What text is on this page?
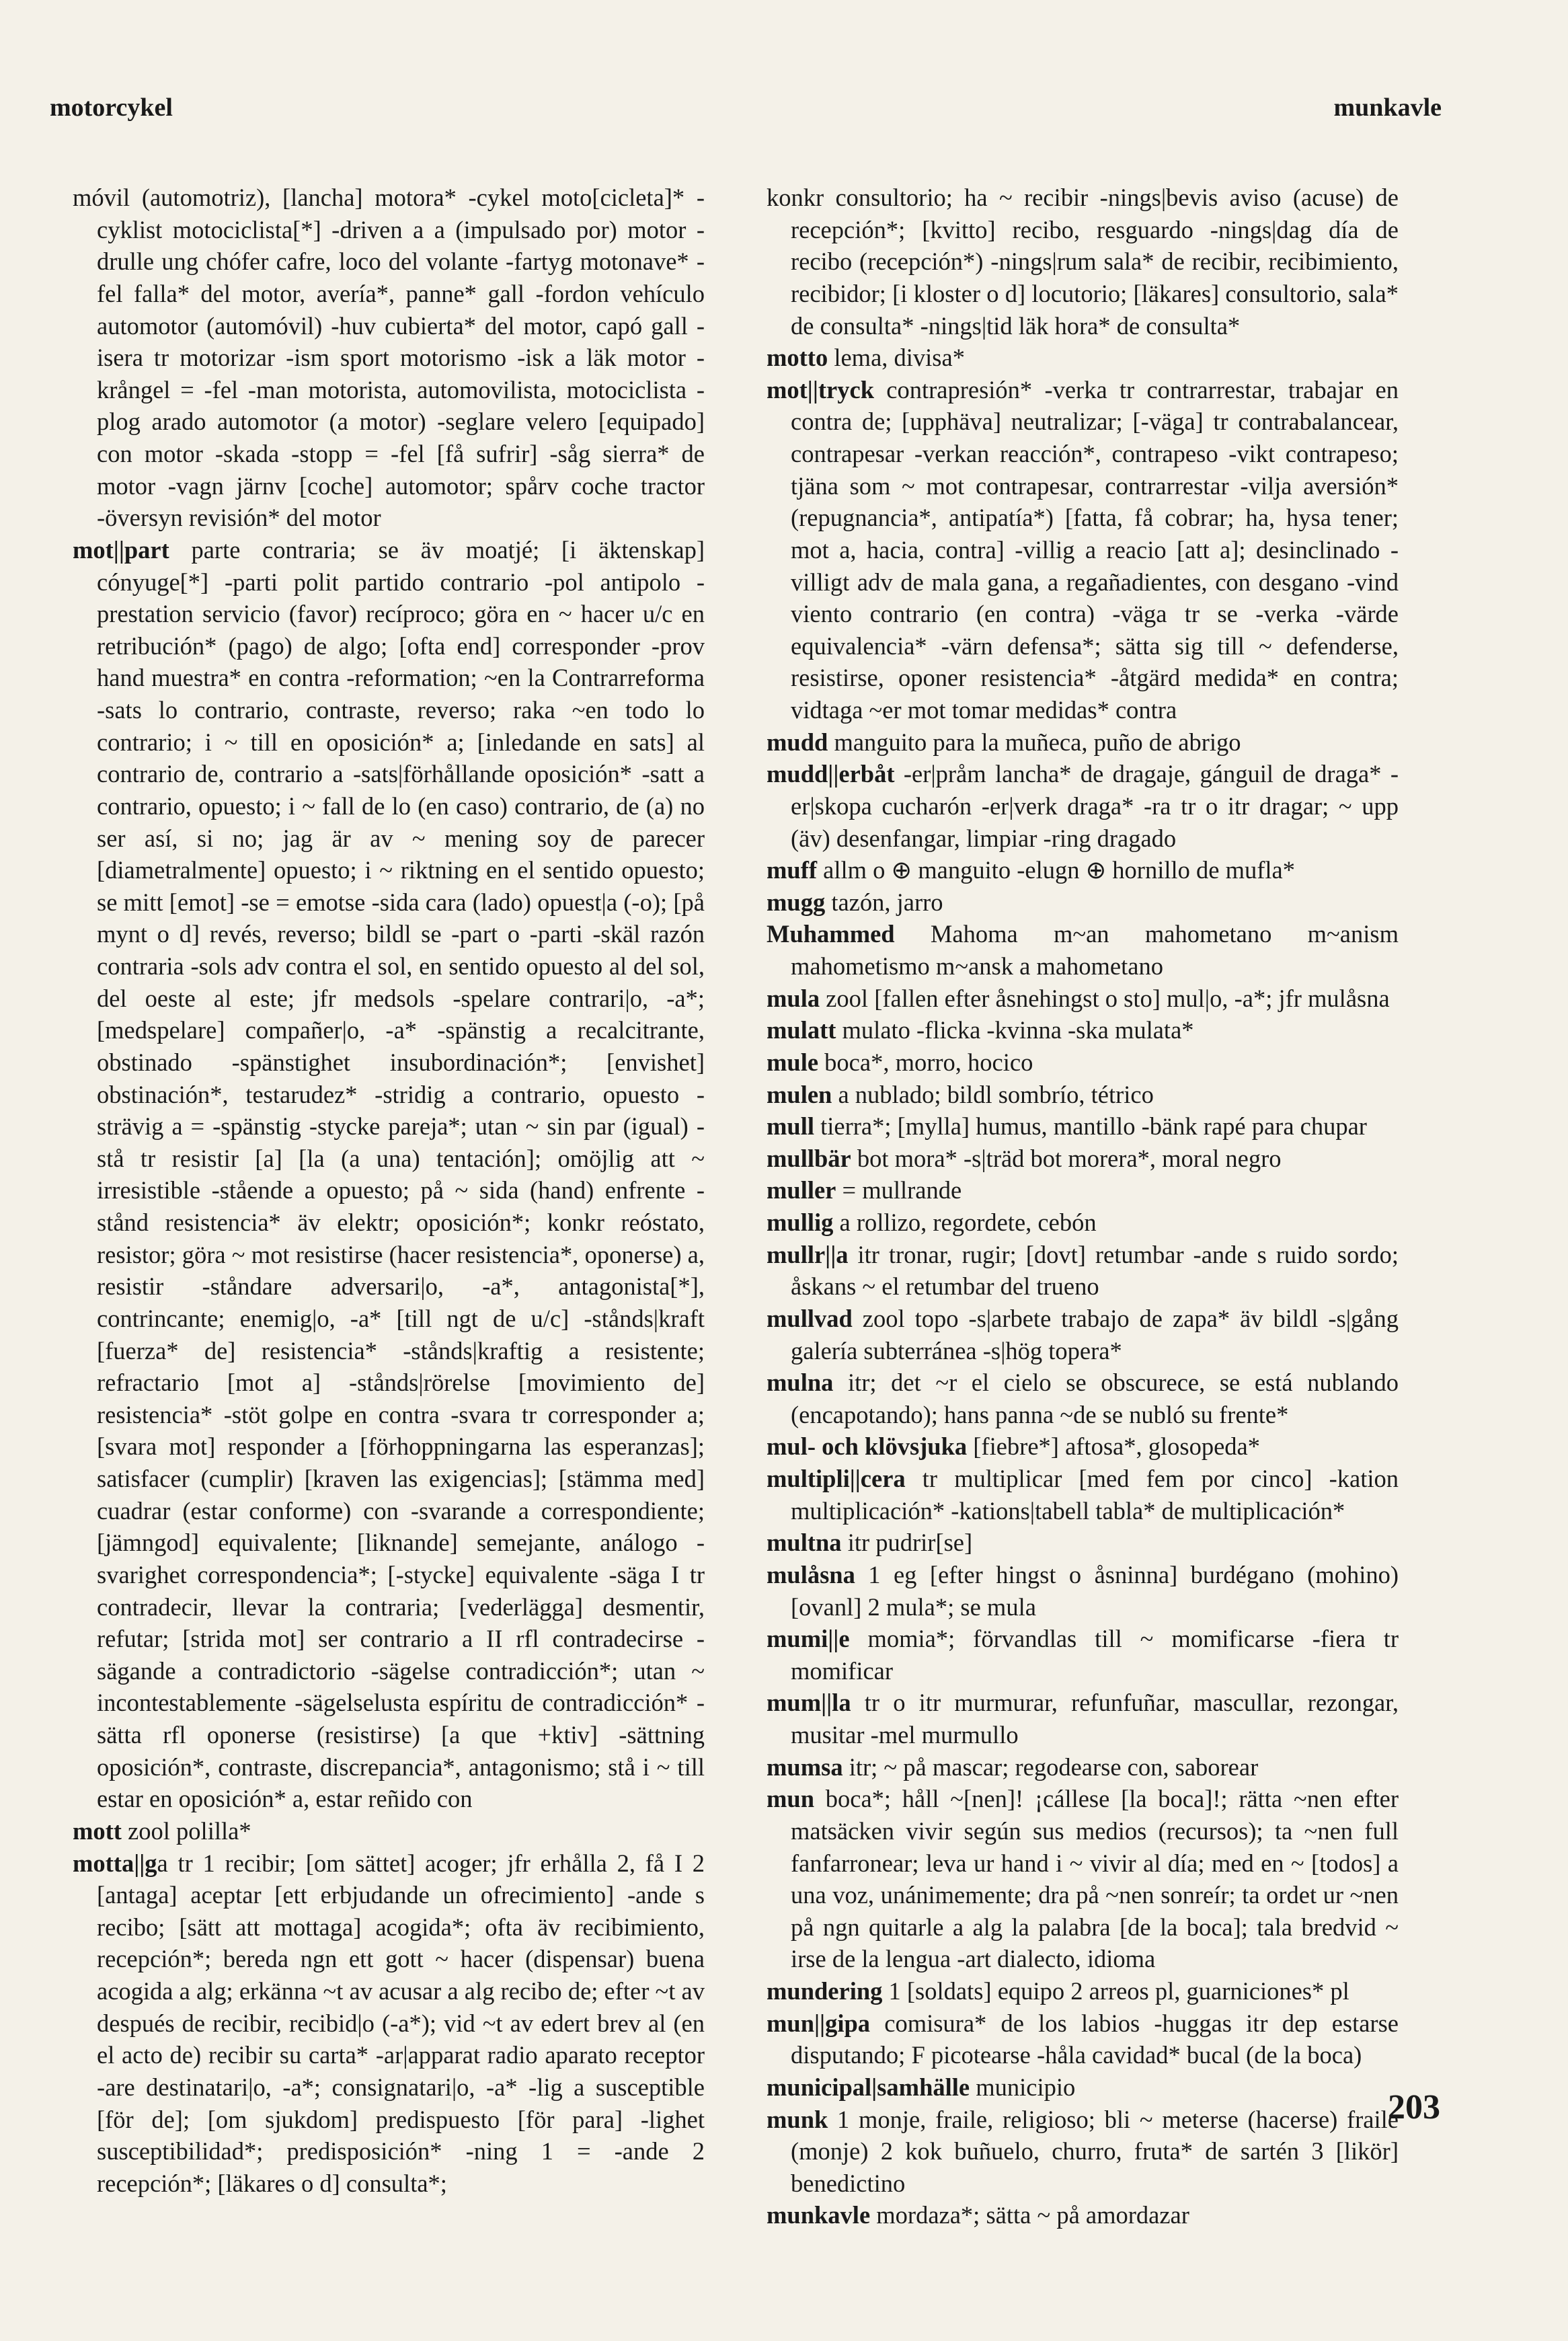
motorcykel	munkavle

móvil (automotriz), [lancha] motora* -cykel moto[cicleta]* -cyklist motociclista[*] -driven a a (impulsado por) motor -drulle ung chófer cafre, loco del volante -fartyg motonave* -fel falla* del motor, avería*, panne* gall -fordon vehículo automotor (automóvil) -huv cubierta* del motor, capó gall -isera tr motorizar -ism sport motorismo -isk a läk motor -krångel = -fel -man motorista, automovilista, motociclista -plog arado automotor (a motor) -seglare velero [equipado] con motor -skada -stopp = -fel [få sufrir] -såg sierra* de motor -vagn järnv [coche] automotor; spårv coche tractor -översyn revisión* del motor

mot||part parte contraria; se äv moatjé; [i äktenskap] cónyuge[*] -parti polit partido contrario -pol antipolo -prestation servicio (favor) recíproco; göra en ~ hacer u/c en retribución* (pago) de algo; [ofta end] corresponder -prov hand muestra* en contra -reformation; ~en la Contrarreforma -sats lo contrario, contraste, reverso; raka ~en todo lo contrario; i ~ till en oposición* a; [inledande en sats] al contrario de, contrario a -sats|förhållande oposición* -satt a contrario, opuesto; i ~ fall de lo (en caso) contrario, de (a) no ser así, si no; jag är av ~ mening soy de parecer [diametralmente] opuesto; i ~ riktning en el sentido opuesto; se mitt [emot] -se = emotse -sida cara (lado) opuest|a (-o); [på mynt o d] revés, reverso; bildl se -part o -parti -skäl razón contraria -sols adv contra el sol, en sentido opuesto al del sol, del oeste al este; jfr medsols -spelare contrari|o, -a*; [medspelare] compañer|o, -a* -spänstig a recalcitrante, obstinado -spänstighet insubordinación*; [envishet] obstinación*, testarudez* -stridig a contrario, opuesto -strävig a = -spänstig -stycke pareja*; utan ~ sin par (igual) -stå tr resistir [a] [la (a una) tentación]; omöjlig att ~ irresistible -stående a opuesto; på ~ sida (hand) enfrente -stånd resistencia* äv elektr; oposición*; konkr reóstato, resistor; göra ~ mot resistirse (hacer resistencia*, oponerse) a, resistir -ståndare adversari|o, -a*, antagonista[*], contrincante; enemig|o, -a* [till ngt de u/c] -stånds|kraft [fuerza* de] resistencia* -stånds|kraftig a resistente; refractario [mot a] -stånds|rörelse [movimiento de] resistencia* -stöt golpe en contra -svara tr corresponder a; [svara mot] responder a [förhoppningarna las esperanzas]; satisfacer (cumplir) [kraven las exigencias]; [stämma med] cuadrar (estar conforme) con -svarande a correspondiente; [jämngod] equivalente; [liknande] semejante, análogo -svarighet correspondencia*; [-stycke] equivalente -säga I tr contradecir, llevar la contraria; [vederlägga] desmentir, refutar; [strida mot] ser contrario a II rfl contradecirse -sägande a contradictorio -sägelse contradicción*; utan ~ incontestablemente -sägelselusta espíritu de contradicción* -sätta rfl oponerse (resistirse) [a que +ktiv] -sättning oposición*, contraste, discrepancia*, antagonismo; stå i ~ till estar en oposición* a, estar reñido con

mott zool polilla*

motta||ga tr 1 recibir; [om sättet] acoger; jfr erhålla 2, få I 2 [antaga] aceptar [ett erbjudande un ofrecimiento] -ande s recibo; [sätt att mottaga] acogida*; ofta äv recibimiento, recepción*; bereda ngn ett gott ~ hacer (dispensar) buena acogida a alg; erkänna ~t av acusar a alg recibo de; efter ~t av después de recibir, recibid|o (-a*); vid ~t av edert brev al (en el acto de) recibir su carta* -ar|apparat radio aparato receptor -are destinatari|o, -a*; consignatari|o, -a* -lig a susceptible [för de]; [om sjukdom] predispuesto [för para] -lighet susceptibilidad*; predisposición* -ning 1 = -ande 2 recepción*; [läkares o d] consulta*;

konkr consultorio; ha ~ recibir -nings|bevis aviso (acuse) de recepción*; [kvitto] recibo, resguardo -nings|dag día de recibo (recepción*) -nings|rum sala* de recibir, recibimiento, recibidor; [i kloster o d] locutorio; [läkares] consultorio, sala* de consulta* -nings|tid läk hora* de consulta*

motto lema, divisa*

mot||tryck contrapresión* -verka tr contrarrestar, trabajar en contra de; [upphäva] neutralizar; [-väga] tr contrabalancear, contrapesar -verkan reacción*, contrapeso -vikt contrapeso; tjäna som ~ mot contrapesar, contrarrestar -vilja aversión* (repugnancia*, antipatía*) [fatta, få cobrar; ha, hysa tener; mot a, hacia, contra] -villig a reacio [att a]; desinclinado -villigt adv de mala gana, a regañadientes, con desgano -vind viento contrario (en contra) -väga tr se -verka -värde equivalencia* -värn defensa*; sätta sig till ~ defenderse, resistirse, oponer resistencia* -åtgärd medida* en contra; vidtaga ~er mot tomar medidas* contra

mudd manguito para la muñeca, puño de abrigo

mudd||erbåt -er|pråm lancha* de dragaje, gánguil de draga* -er|skopa cucharón -er|verk draga* -ra tr o itr dragar; ~ upp (äv) desenfangar, limpiar -ring dragado

muff allm o ⊕ manguito -elugn ⊕ hornillo de mufla*

mugg tazón, jarro

Muhammed Mahoma m~an mahometano m~anism mahometismo m~ansk a mahometano

mula zool [fallen efter åsnehingst o sto] mul|o, -a*; jfr mulåsna

mulatt mulato -flicka -kvinna -ska mulata*

mule boca*, morro, hocico

mulen a nublado; bildl sombrío, tétrico

mull tierra*; [mylla] humus, mantillo -bänk rapé para chupar

mullbär bot mora* -s|träd bot morera*, moral negro

muller = mullrande

mullig a rollizo, regordete, cebón

mullr||a itr tronar, rugir; [dovt] retumbar -ande s ruido sordo; åskans ~ el retumbar del trueno

mullvad zool topo -s|arbete trabajo de zapa* äv bildl -s|gång galería subterránea -s|hög topera*

mulna itr; det ~r el cielo se obscurece, se está nublando (encapotando); hans panna ~de se nubló su frente*

mul- och klövsjuka [fiebre*] aftosa*, glosopeda*

multipli||cera tr multiplicar [med fem por cinco] -kation multiplicación* -kations|tabell tabla* de multiplicación*

multna itr pudrir[se]

mulåsna 1 eg [efter hingst o åsninna] burdégano (mohino) [ovanl] 2 mula*; se mula

mumi||e momia*; förvandlas till ~ momificarse -fiera tr momificar

mum||la tr o itr murmurar, refunfuñar, mascullar, rezongar, musitar -mel murmullo

mumsa itr; ~ på mascar; regodearse con, saborear

mun boca*; håll ~[nen]! ¡cállese [la boca]!; rätta ~nen efter matsäcken vivir según sus medios (recursos); ta ~nen full fanfarronear; leva ur hand i ~ vivir al día; med en ~ [todos] a una voz, unánimemente; dra på ~nen sonreír; ta ordet ur ~nen på ngn quitarle a alg la palabra [de la boca]; tala bredvid ~ irse de la lengua -art dialecto, idioma

mundering 1 [soldats] equipo 2 arreos pl, guarniciones* pl

mun||gipa comisura* de los labios -huggas itr dep estarse disputando; F picotearse -håla cavidad* bucal (de la boca)

municipal|samhälle municipio

munk 1 monje, fraile, religioso; bli ~ meterse (hacerse) fraile (monje) 2 kok buñuelo, churro, fruta* de sartén 3 [likör] benedictino

munkavle mordaza*; sätta ~ på amordazar

203
